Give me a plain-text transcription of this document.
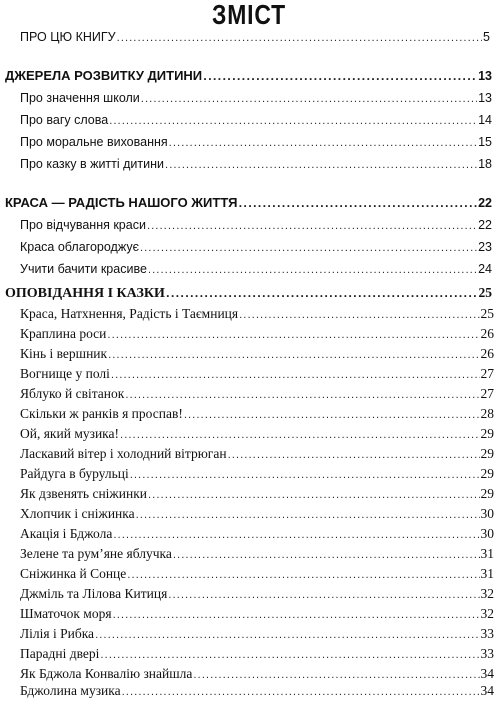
ЗМІСТ
ПРО ЦЮ КНИГУ .....	5
ДЖЕРЕЛА РОЗВИТКУ ДИТИНИ .....	13
Про значення школи .....	13
Про вагу слова .....	14
Про моральне виховання .....	15
Про казку в житті дитини .....	18
КРАСА — РАДІСТЬ НАШОГО ЖИТТЯ .....	22
Про відчування краси .....	22
Краса облагороджує .....	23
Учити бачити красиве .....	24
ОПОВІДАННЯ І КАЗКИ .....	25
Краса, Натхнення, Радість і Таємниця .....	25
Краплина роси .....	26
Кінь і вершник .....	26
Вогнище у полі .....	27
Яблуко й світанок .....	27
Скільки ж ранків я проспав! .....	28
Ой, який музика! .....	29
Ласкавий вітер і холодний вітрюган .....	29
Райдуга в бурульці .....	29
Як дзвенять сніжинки .....	29
Хлопчик і сніжинка .....	30
Акація і Бджола .....	30
Зелене та рум’яне яблучка .....	31
Сніжинка й Сонце .....	31
Джміль та Лілова Китиця .....	32
Шматочок моря .....	32
Лілія і Рибка .....	33
Парадні двері .....	33
Як Бджола Конвалію знайшла .....	34
Бджолина музика .....	34
